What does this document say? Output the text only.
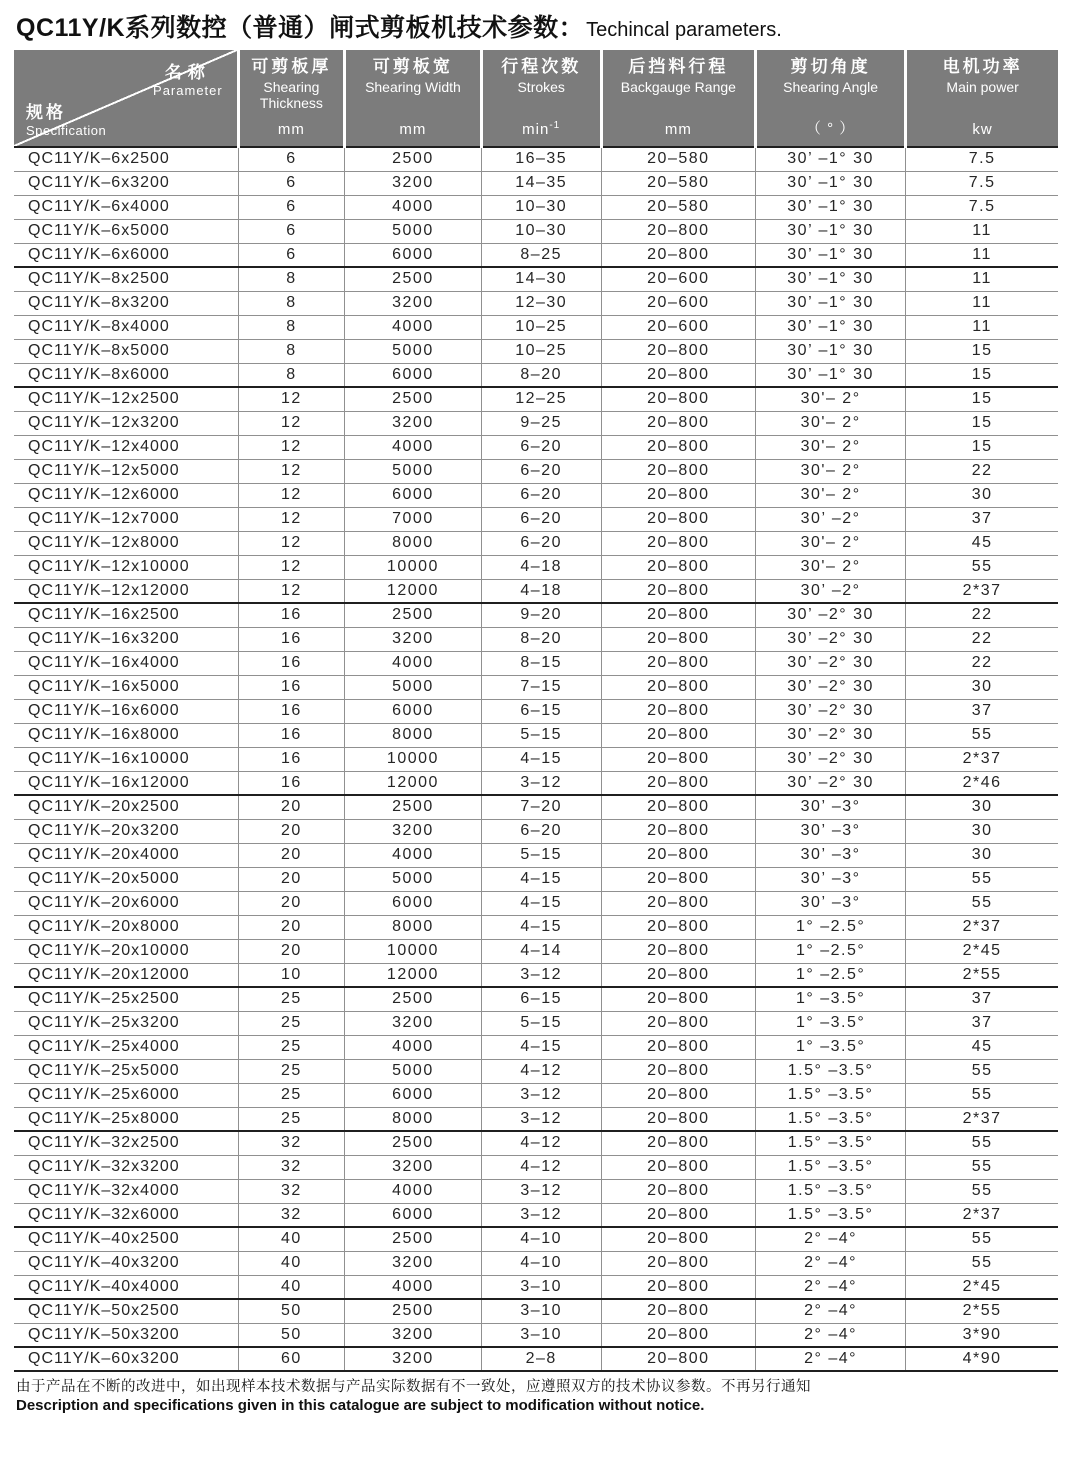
QC11Y/K系列数控（普通）闸式剪板机技术参数： Techincal parameters.
名称
Parameter
规格
Specification

可剪板厚
Shearing Thickness
mm

可剪板宽
Shearing Width
mm

行程次数
Strokes
$\min^{-1}$

后挡料行程
Backgauge Range
mm

剪切角度
Shearing Angle
（ ° ）

电机功率
Main power
kw

QC11Y/K–6x2500	6	2500	16–35	20–580	30’ –1° 30	7.5
QC11Y/K–6x3200	6	3200	14–35	20–580	30’ –1° 30	7.5
QC11Y/K–6x4000	6	4000	10–30	20–580	30’ –1° 30	7.5
QC11Y/K–6x5000	6	5000	10–30	20–800	30’ –1° 30	11
QC11Y/K–6x6000	6	6000	8–25	20–800	30’ –1° 30	11
QC11Y/K–8x2500	8	2500	14–30	20–600	30’ –1° 30	11
QC11Y/K–8x3200	8	3200	12–30	20–600	30’ –1° 30	11
QC11Y/K–8x4000	8	4000	10–25	20–600	30’ –1° 30	11
QC11Y/K–8x5000	8	5000	10–25	20–800	30’ –1° 30	15
QC11Y/K–8x6000	8	6000	8–20	20–800	30’ –1° 30	15
QC11Y/K–12x2500	12	2500	12–25	20–800	30'– 2°	15
QC11Y/K–12x3200	12	3200	9–25	20–800	30'– 2°	15
QC11Y/K–12x4000	12	4000	6–20	20–800	30'– 2°	15
QC11Y/K–12x5000	12	5000	6–20	20–800	30'– 2°	22
QC11Y/K–12x6000	12	6000	6–20	20–800	30'– 2°	30
QC11Y/K–12x7000	12	7000	6–20	20–800	30’ –2°	37
QC11Y/K–12x8000	12	8000	6–20	20–800	30'– 2°	45
QC11Y/K–12x10000	12	10000	4–18	20–800	30'– 2°	55
QC11Y/K–12x12000	12	12000	4–18	20–800	30’ –2°	2*37
QC11Y/K–16x2500	16	2500	9–20	20–800	30’ –2° 30	22
QC11Y/K–16x3200	16	3200	8–20	20–800	30’ –2° 30	22
QC11Y/K–16x4000	16	4000	8–15	20–800	30’ –2° 30	22
QC11Y/K–16x5000	16	5000	7–15	20–800	30’ –2° 30	30
QC11Y/K–16x6000	16	6000	6–15	20–800	30’ –2° 30	37
QC11Y/K–16x8000	16	8000	5–15	20–800	30’ –2° 30	55
QC11Y/K–16x10000	16	10000	4–15	20–800	30’ –2° 30	2*37
QC11Y/K–16x12000	16	12000	3–12	20–800	30’ –2° 30	2*46
QC11Y/K–20x2500	20	2500	7–20	20–800	30’ –3°	30
QC11Y/K–20x3200	20	3200	6–20	20–800	30’ –3°	30
QC11Y/K–20x4000	20	4000	5–15	20–800	30’ –3°	30
QC11Y/K–20x5000	20	5000	4–15	20–800	30’ –3°	55
QC11Y/K–20x6000	20	6000	4–15	20–800	30’ –3°	55
QC11Y/K–20x8000	20	8000	4–15	20–800	1° –2.5°	2*37
QC11Y/K–20x10000	20	10000	4–14	20–800	1° –2.5°	2*45
QC11Y/K–20x12000	10	12000	3–12	20–800	1° –2.5°	2*55
QC11Y/K–25x2500	25	2500	6–15	20–800	1° –3.5°	37
QC11Y/K–25x3200	25	3200	5–15	20–800	1° –3.5°	37
QC11Y/K–25x4000	25	4000	4–15	20–800	1° –3.5°	45
QC11Y/K–25x5000	25	5000	4–12	20–800	1.5° –3.5°	55
QC11Y/K–25x6000	25	6000	3–12	20–800	1.5° –3.5°	55
QC11Y/K–25x8000	25	8000	3–12	20–800	1.5° –3.5°	2*37
QC11Y/K–32x2500	32	2500	4–12	20–800	1.5° –3.5°	55
QC11Y/K–32x3200	32	3200	4–12	20–800	1.5° –3.5°	55
QC11Y/K–32x4000	32	4000	3–12	20–800	1.5° –3.5°	55
QC11Y/K–32x6000	32	6000	3–12	20–800	1.5° –3.5°	2*37
QC11Y/K–40x2500	40	2500	4–10	20–800	2° –4°	55
QC11Y/K–40x3200	40	3200	4–10	20–800	2° –4°	55
QC11Y/K–40x4000	40	4000	3–10	20–800	2° –4°	2*45
QC11Y/K–50x2500	50	2500	3–10	20–800	2° –4°	2*55
QC11Y/K–50x3200	50	3200	3–10	20–800	2° –4°	3*90
QC11Y/K–60x3200	60	3200	2–8	20–800	2° –4°	4*90
由于产品在不断的改进中，如出现样本技术数据与产品实际数据有不一致处，应遵照双方的技术协议参数。不再另行通知
Description and specifications given in this catalogue are subject to modification without notice.
